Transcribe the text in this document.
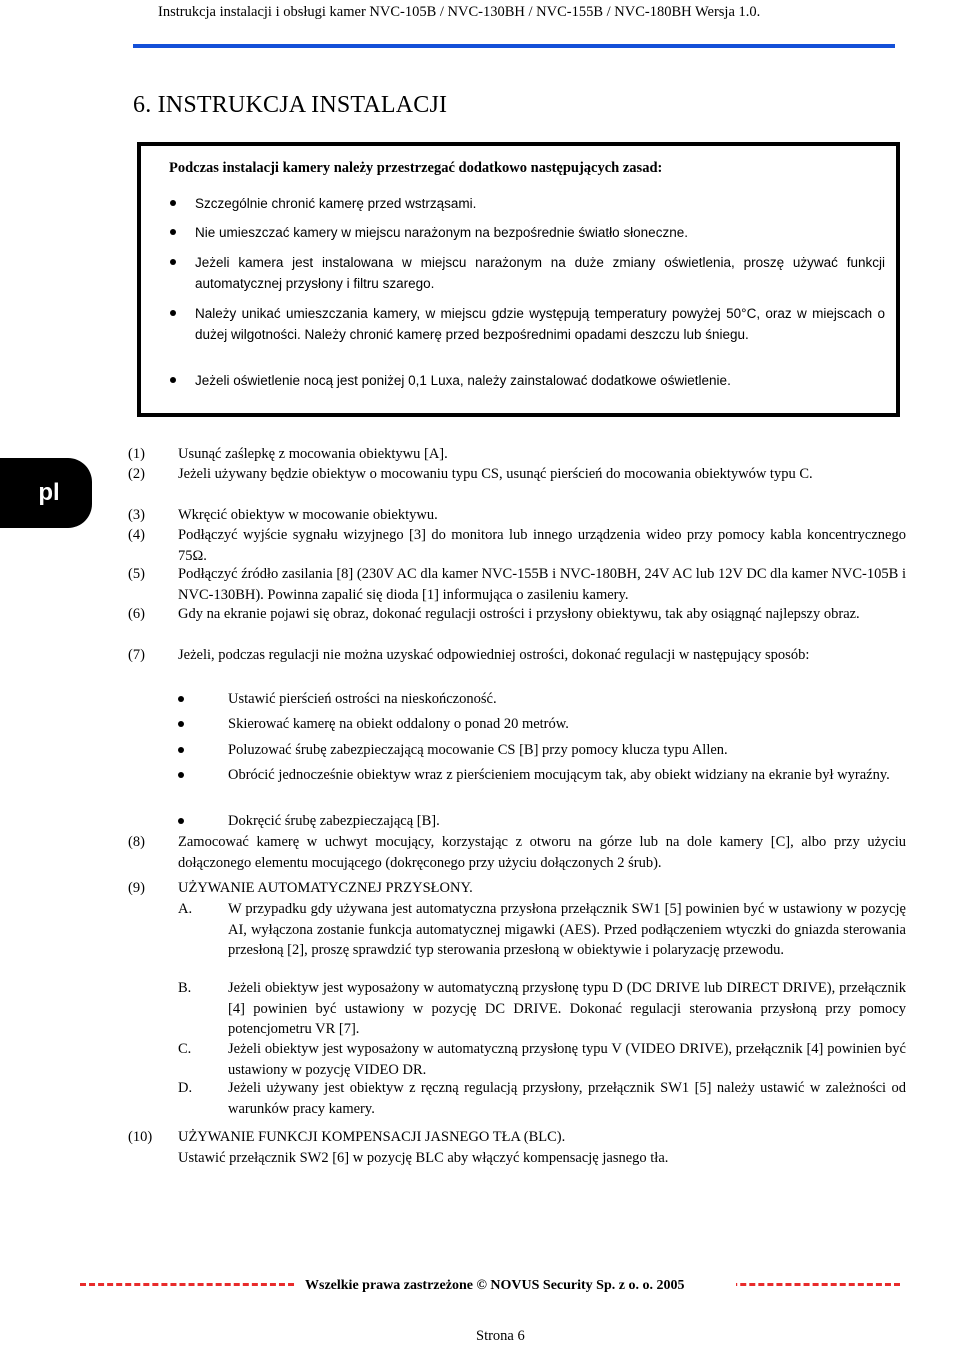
Instrukcja instalacji i obsługi kamer NVC-105B / NVC-130BH / NVC-155B / NVC-180BH Wersja 1.0.
6. INSTRUKCJA INSTALACJI
Podczas instalacji kamery należy przestrzegać dodatkowo następujących zasad:
Szczególnie chronić kamerę przed wstrząsami.
Nie umieszczać kamery w miejscu narażonym na bezpośrednie światło słoneczne.
Jeżeli kamera jest instalowana w miejscu narażonym na duże zmiany oświetlenia, proszę używać funkcji automatycznej przysłony i filtru szarego.
Należy unikać umieszczania kamery, w miejscu gdzie występują temperatury powyżej 50°C, oraz w miejscach o dużej wilgotności. Należy chronić kamerę przed bezpośrednimi opadami deszczu lub śniegu.
Jeżeli oświetlenie nocą jest poniżej 0,1 Luxa, należy zainstalować dodatkowe oświetlenie.
pl
(1) Usunąć zaślepkę z mocowania obiektywu [A].
(2) Jeżeli używany będzie obiektyw o mocowaniu typu CS, usunąć pierścień do mocowania obiektywów typu C.
(3) Wkręcić obiektyw w mocowanie obiektywu.
(4) Podłączyć wyjście sygnału wizyjnego [3] do monitora lub innego urządzenia wideo przy pomocy kabla koncentrycznego 75Ω.
(5) Podłączyć źródło zasilania [8] (230V AC dla kamer NVC-155B i NVC-180BH, 24V AC lub 12V DC dla kamer NVC-105B i NVC-130BH). Powinna zapalić się dioda [1] informująca o zasileniu kamery.
(6) Gdy na ekranie pojawi się obraz, dokonać regulacji ostrości i przysłony obiektywu, tak aby osiągnąć najlepszy obraz.
(7) Jeżeli, podczas regulacji nie można uzyskać odpowiedniej ostrości, dokonać regulacji w następujący sposób:
Ustawić pierścień ostrości na nieskończoność.
Skierować kamerę na obiekt oddalony o ponad 20 metrów.
Poluzować śrubę zabezpieczającą mocowanie CS [B] przy pomocy klucza typu Allen.
Obrócić jednocześnie obiektyw wraz z pierścieniem mocującym tak, aby obiekt widziany na ekranie był wyraźny.
Dokręcić śrubę zabezpieczającą [B].
(8) Zamocować kamerę w uchwyt mocujący, korzystając z otworu na górze lub na dole kamery [C], albo przy użyciu dołączonego elementu mocującego (dokręconego przy użyciu dołączonych 2 śrub).
(9) UŻYWANIE AUTOMATYCZNEJ PRZYSŁONY.
A. W przypadku gdy używana jest automatyczna przysłona przełącznik SW1 [5] powinien być w ustawiony w pozycję AI, wyłączona zostanie funkcja automatycznej migawki (AES). Przed podłączeniem wtyczki do gniazda sterowania przesłoną [2], proszę sprawdzić typ sterowania przesłoną w obiektywie i polaryzację przewodu.
B.	Jeżeli obiektyw jest wyposażony w automatyczną przysłonę typu D (DC DRIVE lub DIRECT DRIVE), przełącznik [4] powinien być ustawiony w pozycję DC DRIVE. Dokonać regulacji sterowania przysłoną przy pomocy potencjometru VR [7].
C.	Jeżeli obiektyw jest wyposażony w automatyczną przysłonę typu V (VIDEO DRIVE), przełącznik [4] powinien być ustawiony w pozycję VIDEO DR.
D. Jeżeli używany jest obiektyw z ręczną regulacją przysłony, przełącznik SW1 [5] należy ustawić w zależności od warunków pracy kamery.
(10) UŻYWANIE FUNKCJI KOMPENSACJI JASNEGO TŁA (BLC).
Ustawić przełącznik SW2 [6] w pozycję BLC aby włączyć kompensację jasnego tła.
Wszelkie prawa zastrzeżone © NOVUS Security Sp. z o. o. 2005
Strona 6
